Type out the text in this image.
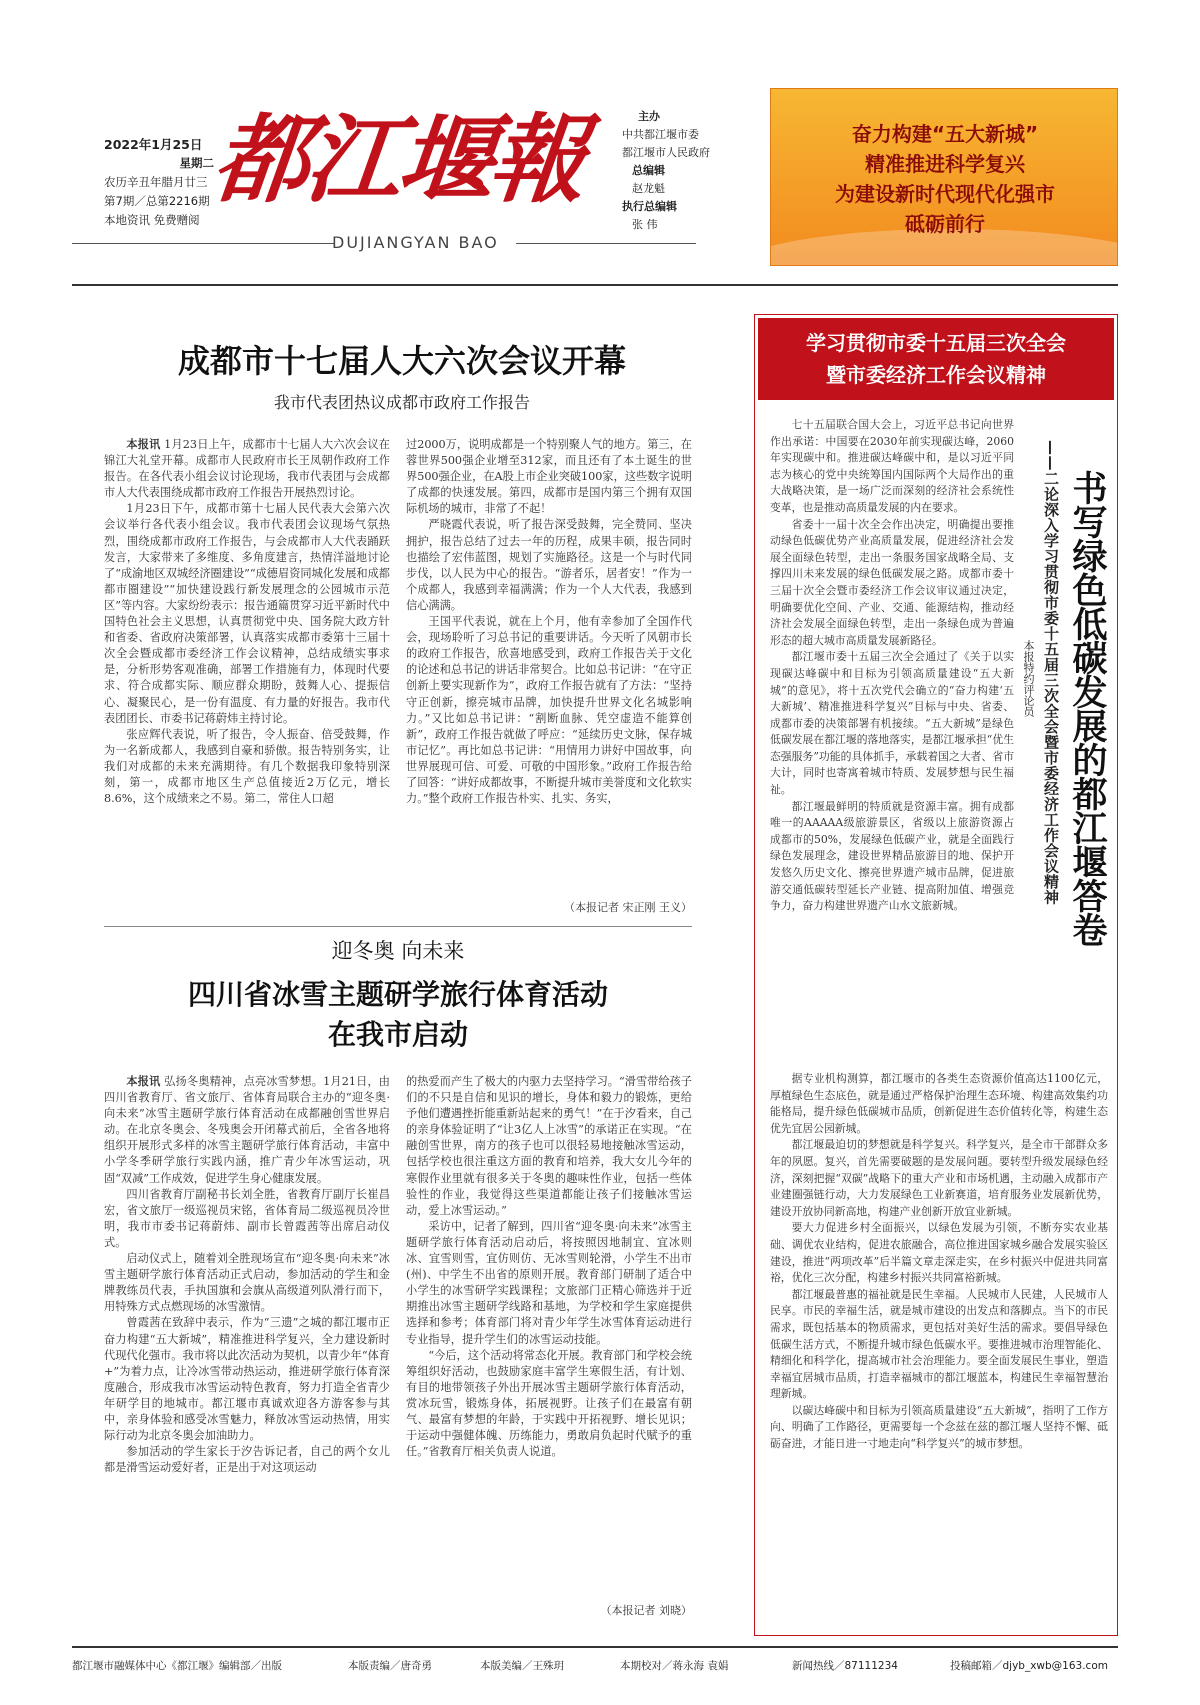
2022年1月25日
星期二
农历辛丑年腊月廿三
第7期／总第2216期
本地资讯 免费赠阅
都江堰報
DUJIANGYAN BAO
主办
中共都江堰市委
都江堰市人民政府
总编辑
赵龙魁
执行总编辑
张 伟
奋力构建“五大新城”
精准推进科学复兴
为建设新时代现代化强市
砥砺前行
成都市十七届人大六次会议开幕
我市代表团热议成都市政府工作报告

本报讯 1月23日上午，成都市十七届人大六次会议在锦江大礼堂开幕。成都市人民政府市长王凤朝作政府工作报告。在各代表小组会议讨论现场，我市代表团与会成都市人大代表围绕成都市政府工作报告开展热烈讨论。

1月23日下午，成都市第十七届人民代表大会第六次会议举行各代表小组会议。我市代表团会议现场气氛热烈，围绕成都市政府工作报告，与会成都市人大代表踊跃发言，大家带来了多维度、多角度建言，热情洋溢地讨论了“成渝地区双城经济圈建设”“成德眉资同城化发展和成都都市圈建设”“加快建设践行新发展理念的公园城市示范区”等内容。大家纷纷表示：报告通篇贯穿习近平新时代中国特色社会主义思想，认真贯彻党中央、国务院大政方针和省委、省政府决策部署，认真落实成都市委第十三届十次全会暨成都市委经济工作会议精神，总结成绩实事求是，分析形势客观准确，部署工作措施有力，体现时代要求、符合成都实际、顺应群众期盼，鼓舞人心、提振信心、凝聚民心，是一份有温度、有力量的好报告。我市代表团团长、市委书记蒋蔚炜主持讨论。

张应辉代表说，听了报告，令人振奋、倍受鼓舞，作为一名新成都人，我感到自豪和骄傲。报告特别务实，让我们对成都的未来充满期待。有几个数据我印象特别深刻，第一，成都市地区生产总值接近2万亿元，增长8.6%，这个成绩来之不易。第二，常住人口超

过2000万，说明成都是一个特别聚人气的地方。第三，在蓉世界500强企业增至312家，而且还有了本土诞生的世界500强企业，在A股上市企业突破100家，这些数字说明了成都的快速发展。第四，成都市是国内第三个拥有双国际机场的城市，非常了不起！

严晓霞代表说，听了报告深受鼓舞，完全赞同、坚决拥护，报告总结了过去一年的历程，成果丰硕，报告同时也描绘了宏伟蓝图，规划了实施路径。这是一个与时代同步伐，以人民为中心的报告。“游者乐，居者安！”作为一个成都人，我感到幸福满满；作为一个人大代表，我感到信心满满。

王国平代表说，就在上个月，他有幸参加了全国作代会，现场聆听了习总书记的重要讲话。今天听了风朝市长的政府工作报告，欣喜地感受到，政府工作报告关于文化的论述和总书记的讲话非常契合。比如总书记讲：“在守正创新上要实现新作为”，政府工作报告就有了方法：“坚持守正创新，擦亮城市品牌，加快提升世界文化名城影响力。”又比如总书记讲：“割断血脉、凭空虚造不能算创新”，政府工作报告就做了呼应：“延续历史文脉，保存城市记忆”。再比如总书记讲：“用情用力讲好中国故事，向世界展现可信、可爱、可敬的中国形象。”政府工作报告给了回答：“讲好成都故事，不断提升城市美誉度和文化软实力。”整个政府工作报告朴实、扎实、务实，

（本报记者 宋正刚 王义）
迎冬奥 向未来
四川省冰雪主题研学旅行体育活动
在我市启动

本报讯 弘扬冬奥精神，点亮冰雪梦想。1月21日，由四川省教育厅、省文旅厅、省体育局联合主办的“迎冬奥·向未来”冰雪主题研学旅行体育活动在成都融创雪世界启动。在北京冬奥会、冬残奥会开闭幕式前后，全省各地将组织开展形式多样的冰雪主题研学旅行体育活动，丰富中小学冬季研学旅行实践内涵，推广青少年冰雪运动，巩固“双减”工作成效，促进学生身心健康发展。

四川省教育厅副秘书长刘全胜，省教育厅副厅长崔昌宏，省文旅厅一级巡视员宋铭，省体育局二级巡视员冷世明，我市市委书记蒋蔚炜、副市长曾霞茜等出席启动仪式。

启动仪式上，随着刘全胜现场宣布“迎冬奥·向未来”冰雪主题研学旅行体育活动正式启动，参加活动的学生和金牌教练员代表，手执国旗和会旗从高级道列队滑行而下，用特殊方式点燃现场的冰雪激情。

曾霞茜在致辞中表示，作为“三遗”之城的都江堰市正奋力构建“五大新城”，精准推进科学复兴，全力建设新时代现代化强市。我市将以此次活动为契机，以青少年“体育+”为着力点，让冷冰雪带动热运动，推进研学旅行体育深度融合，形成我市冰雪运动特色教育，努力打造全省青少年研学目的地城市。都江堰市真诚欢迎各方游客参与其中，亲身体验和感受冰雪魅力，释放冰雪运动热情，用实际行动为北京冬奥会加油助力。

参加活动的学生家长于汐告诉记者，自己的两个女儿都是滑雪运动爱好者，正是出于对这项运动

的热爱而产生了极大的内驱力去坚持学习。“滑雪带给孩子们的不只是自信和见识的增长，身体和毅力的锻炼，更给予他们遭遇挫折能重新站起来的勇气！”在于汐看来，自己的亲身体验证明了“让3亿人上冰雪”的承诺正在实现。“在融创雪世界，南方的孩子也可以很轻易地接触冰雪运动，包括学校也很注重这方面的教育和培养，我大女儿今年的寒假作业里就有很多关于冬奥的趣味性作业，包括一些体验性的作业，我觉得这些渠道都能让孩子们接触冰雪运动，爱上冰雪运动。”

采访中，记者了解到，四川省“迎冬奥·向未来”冰雪主题研学旅行体育活动启动后，将按照因地制宜、宜冰则冰、宜雪则雪，宜仿则仿、无冰雪则轮滑，小学生不出市(州)、中学生不出省的原则开展。教育部门研制了适合中小学生的冰雪研学实践课程；文旅部门正精心筛选并于近期推出冰雪主题研学线路和基地，为学校和学生家庭提供选择和参考；体育部门将对青少年学生冰雪体育运动进行专业指导，提升学生们的冰雪运动技能。

“今后，这个活动将常态化开展。教育部门和学校会统筹组织好活动，也鼓励家庭丰富学生寒假生活，有计划、有目的地带领孩子外出开展冰雪主题研学旅行体育活动，赏冰玩雪，锻炼身体，拓展视野。让孩子们在最富有朝气、最富有梦想的年龄，于实践中开拓视野、增长见识；于运动中强健体魄、历练能力，勇敢肩负起时代赋予的重任。”省教育厅相关负责人说道。

（本报记者 刘晓）
学习贯彻市委十五届三次全会
暨市委经济工作会议精神
书写绿色低碳发展的都江堰答卷
——二论深入学习贯彻市委十五届三次全会暨市委经济工作会议精神
本报特约评论员

七十五届联合国大会上，习近平总书记向世界作出承诺：中国要在2030年前实现碳达峰，2060年实现碳中和。推进碳达峰碳中和，是以习近平同志为核心的党中央统筹国内国际两个大局作出的重大战略决策，是一场广泛而深刻的经济社会系统性变革，也是推动高质量发展的内在要求。

省委十一届十次全会作出决定，明确提出要推动绿色低碳优势产业高质量发展，促进经济社会发展全面绿色转型，走出一条服务国家战略全局、支撑四川未来发展的绿色低碳发展之路。成都市委十三届十次全会暨市委经济工作会议审议通过决定，明确要优化空间、产业、交通、能源结构，推动经济社会发展全面绿色转型，走出一条绿色成为普遍形态的超大城市高质量发展新路径。

都江堰市委十五届三次全会通过了《关于以实现碳达峰碳中和目标为引领高质量建设“五大新城”的意见》，将十五次党代会确立的“奋力构建‘五大新城’、精准推进科学复兴”目标与中央、省委、成都市委的决策部署有机接续。“五大新城”是绿色低碳发展在都江堰的落地落实，是都江堰承担“优生态强服务”功能的具体抓手，承载着国之大者、省市大计，同时也寄寓着城市特质、发展梦想与民生福祉。

都江堰最鲜明的特质就是资源丰富。拥有成都唯一的AAAAA级旅游景区，省级以上旅游资源占成都市的50%，发展绿色低碳产业，就是全面践行绿色发展理念，建设世界精品旅游目的地、保护开发悠久历史文化、擦亮世界遗产城市品牌，促进旅游交通低碳转型延长产业链、提高附加值、增强竞争力，奋力构建世界遗产山水文旅新城。

据专业机构测算，都江堰市的各类生态资源价值高达1100亿元，厚植绿色生态底色，就是通过严格保护治理生态环境、构建高效集约功能格局，提升绿色低碳城市品质，创新促进生态价值转化等，构建生态优先宜居公园新城。

都江堰最迫切的梦想就是科学复兴。科学复兴，是全市干部群众多年的夙愿。复兴，首先需要破题的是发展问题。要转型升级发展绿色经济，深刻把握“双碳”战略下的重大产业和市场机遇，主动融入成都市产业建圈强链行动，大力发展绿色工业新赛道，培育服务业发展新优势，建设开放协同新高地，构建产业创新开放宜业新城。

要大力促进乡村全面振兴，以绿色发展为引领，不断夯实农业基础、调优农业结构，促进农旅融合，高位推进国家城乡融合发展实验区建设，推进“两项改革”后半篇文章走深走实，在乡村振兴中促进共同富裕，优化三次分配，构建乡村振兴共同富裕新城。

都江堰最普惠的福祉就是民生幸福。人民城市人民建，人民城市人民享。市民的幸福生活，就是城市建设的出发点和落脚点。当下的市民需求，既包括基本的物质需求，更包括对美好生活的需求。要倡导绿色低碳生活方式，不断提升城市绿色低碳水平。要推进城市治理智能化、精细化和科学化，提高城市社会治理能力。要全面发展民生事业，塑造幸福宜居城市品质，打造幸福城市的都江堰蓝本，构建民生幸福智慧治理新城。

以碳达峰碳中和目标为引领高质量建设“五大新城”，指明了工作方向、明确了工作路径，更需要每一个念兹在兹的都江堰人坚持不懈、砥砺奋进，才能日进一寸地走向“科学复兴”的城市梦想。

都江堰市融媒体中心《都江堰》编辑部／出版	本版责编／唐奇勇	本版美编／王殊玥	本期校对／蒋永海 袁娟	新闻热线／87111234	投稿邮箱／djyb_xwb@163.com
